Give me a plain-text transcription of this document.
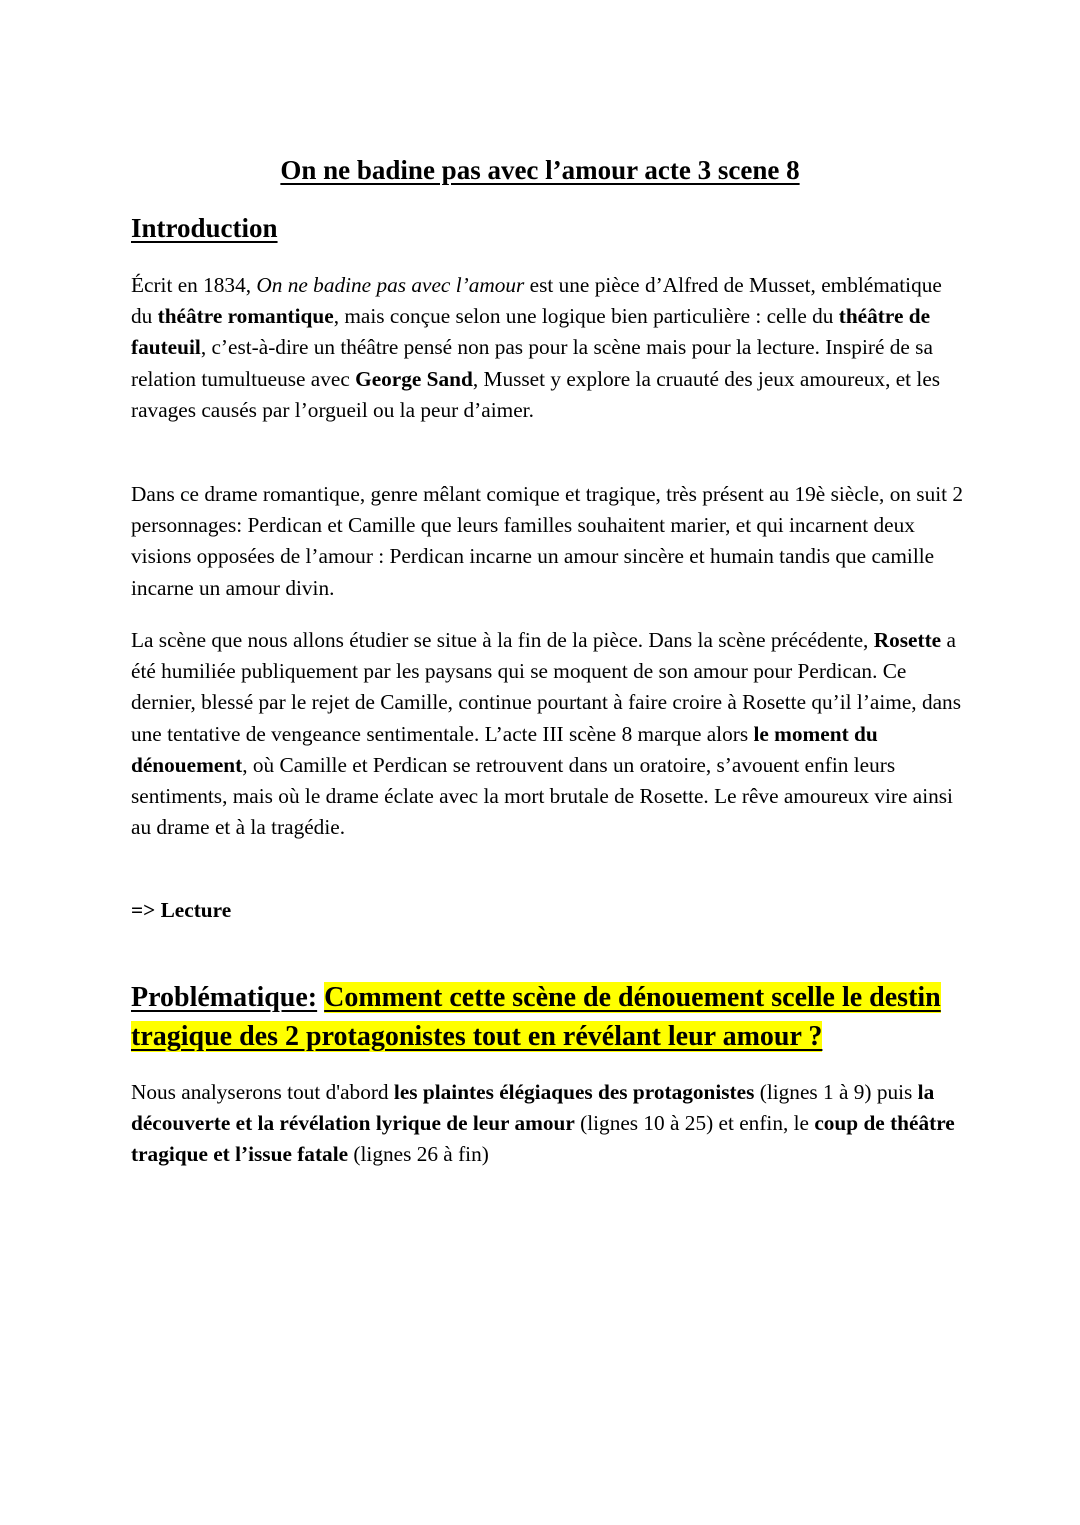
On ne badine pas avec l’amour acte 3 scene 8
Introduction

Écrit en 1834, On ne badine pas avec l’amour est une pièce d’Alfred de Musset, emblématique du théâtre romantique, mais conçue selon une logique bien particulière : celle du théâtre de fauteuil, c’est-à-dire un théâtre pensé non pas pour la scène mais pour la lecture. Inspiré de sa relation tumultueuse avec George Sand, Musset y explore la cruauté des jeux amoureux, et les ravages causés par l’orgueil ou la peur d’aimer.

Dans ce drame romantique, genre mêlant comique et tragique, très présent au 19è siècle, on suit 2 personnages: Perdican et Camille que leurs familles souhaitent marier, et qui incarnent deux visions opposées de l’amour : Perdican incarne un amour sincère et humain tandis que camille incarne un amour divin.

La scène que nous allons étudier se situe à la fin de la pièce. Dans la scène précédente, Rosette a été humiliée publiquement par les paysans qui se moquent de son amour pour Perdican. Ce dernier, blessé par le rejet de Camille, continue pourtant à faire croire à Rosette qu’il l’aime, dans une tentative de vengeance sentimentale. L’acte III scène 8 marque alors le moment du dénouement, où Camille et Perdican se retrouvent dans un oratoire, s’avouent enfin leurs sentiments, mais où le drame éclate avec la mort brutale de Rosette. Le rêve amoureux vire ainsi au drame et à la tragédie.

=> Lecture

Problématique: Comment cette scène de dénouement scelle le destin tragique des 2 protagonistes tout en révélant leur amour ?

Nous analyserons tout d'abord les plaintes élégiaques des protagonistes (lignes 1 à 9) puis la découverte et la révélation lyrique de leur amour (lignes 10 à 25) et enfin, le coup de théâtre tragique et l’issue fatale (lignes 26 à fin)
